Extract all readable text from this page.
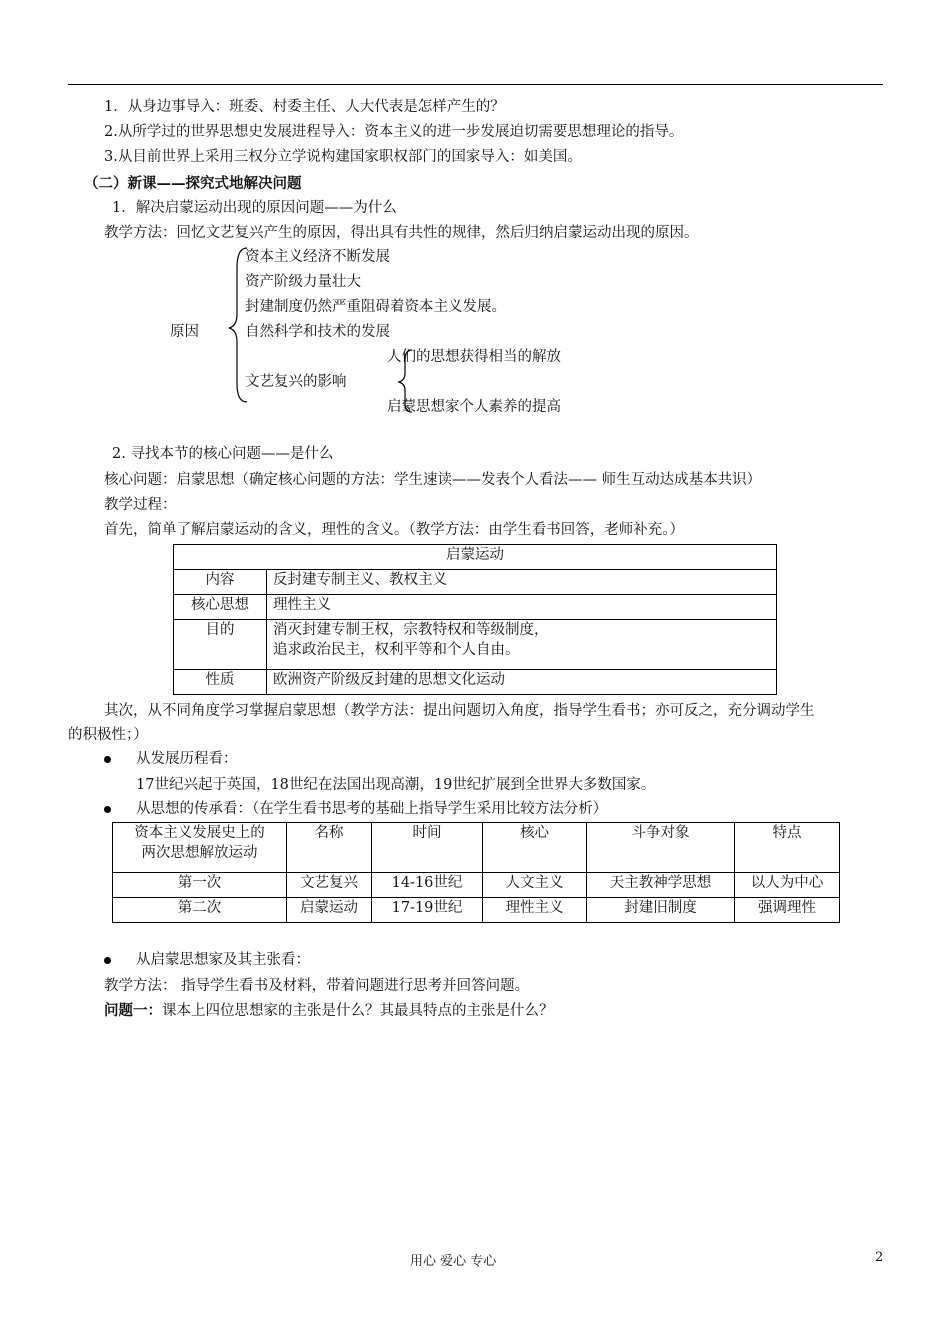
1．从身边事导入：班委、村委主任、人大代表是怎样产生的？
2.从所学过的世界思想史发展进程导入：资本主义的进一步发展迫切需要思想理论的指导。
3.从目前世界上采用三权分立学说构建国家职权部门的国家导入：如美国。
（二）新课——探究式地解决问题
1．解决启蒙运动出现的原因问题——为什么
教学方法：回忆文艺复兴产生的原因，得出具有共性的规律，然后归纳启蒙运动出现的原因。
资本主义经济不断发展
资产阶级力量壮大
封建制度仍然严重阻碍着资本主义发展。
原因	自然科学和技术的发展
文艺复兴的影响
人们的思想获得相当的解放
启蒙思想家个人素养的提高
2. 寻找本节的核心问题——是什么
核心问题：启蒙思想（确定核心问题的方法：学生速读——发表个人看法—— 师生互动达成基本共识）
教学过程：
首先，简单了解启蒙运动的含义，理性的含义。（教学方法：由学生看书回答，老师补充。）
启蒙运动	
内容	反封建专制主义、教权主义
核心思想	理性主义
目的	消灭封建专制王权，宗教特权和等级制度，
追求政治民主，权利平等和个人自由。

性质	欧洲资产阶级反封建的思想文化运动
其次，从不同角度学习掌握启蒙思想（教学方法：提出问题切入角度，指导学生看书；亦可反之，充分调动学生
的积极性；）
从发展历程看：
17世纪兴起于英国，18世纪在法国出现高潮，19世纪扩展到全世界大多数国家。
从思想的传承看：（在学生看书思考的基础上指导学生采用比较方法分析）
资本主义发展史上的
两次思想解放运动	名称	时间	核心	斗争对象	特点
第一次	文艺复兴	14-16世纪	人文主义	天主教神学思想	以人为中心
第二次	启蒙运动	17-19世纪	理性主义	封建旧制度	强调理性
从启蒙思想家及其主张看：
教学方法： 指导学生看书及材料，带着问题进行思考并回答问题。
问题一：课本上四位思想家的主张是什么？其最具特点的主张是什么？
用心 爱心 专心	2
